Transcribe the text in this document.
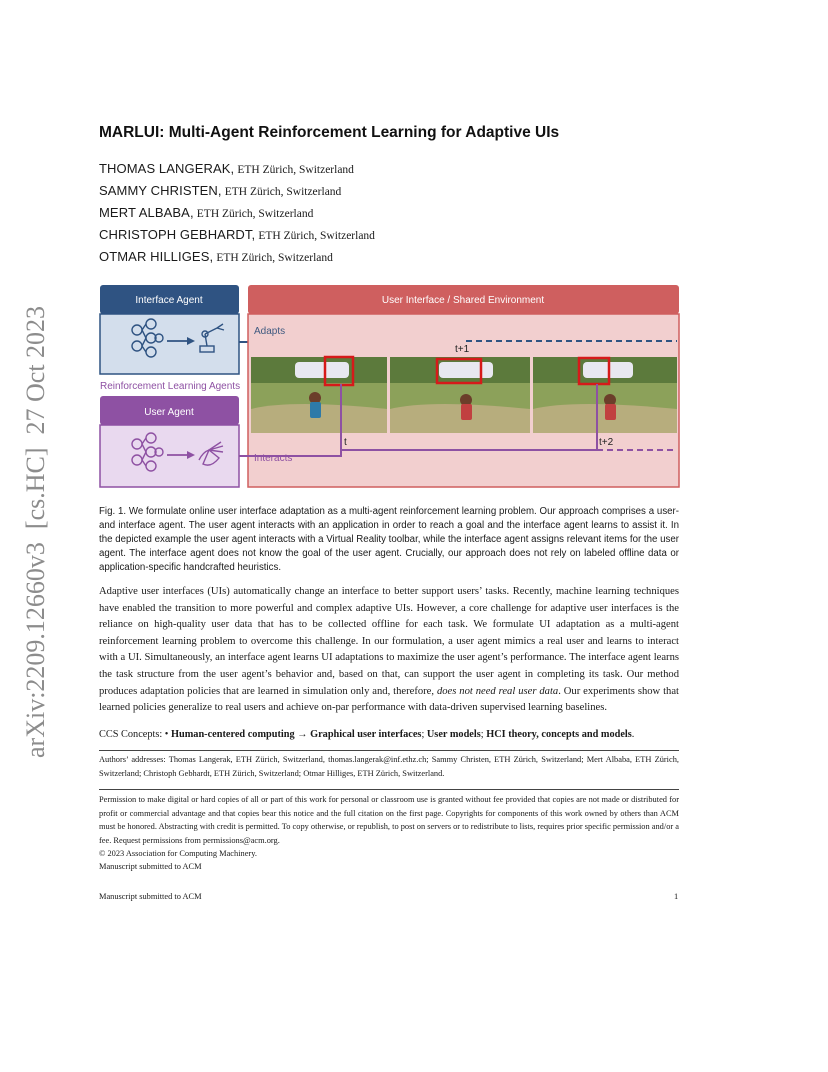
arXiv:2209.12660v3  [cs.HC]  27 Oct 2023
MARLUI: Multi-Agent Reinforcement Learning for Adaptive UIs
THOMAS LANGERAK, ETH Zürich, Switzerland
SAMMY CHRISTEN, ETH Zürich, Switzerland
MERT ALBABA, ETH Zürich, Switzerland
CHRISTOPH GEBHARDT, ETH Zürich, Switzerland
OTMAR HILLIGES, ETH Zürich, Switzerland
Interface Agent
Reinforcement Learning Agents
User Agent
User Interface / Shared Environment
Adapts
t+1
t	t+2
Interacts
Fig. 1. We formulate online user interface adaptation as a multi-agent reinforcement learning problem. Our approach comprises a user- and interface agent. The user agent interacts with an application in order to reach a goal and the interface agent learns to assist it. In the depicted example the user agent interacts with a Virtual Reality toolbar, while the interface agent assigns relevant items for the user agent. The interface agent does not know the goal of the user agent. Crucially, our approach does not rely on labeled offline data or application-specific handcrafted heuristics.
Adaptive user interfaces (UIs) automatically change an interface to better support users’ tasks. Recently, machine learning techniques have enabled the transition to more powerful and complex adaptive UIs. However, a core challenge for adaptive user interfaces is the reliance on high-quality user data that has to be collected offline for each task. We formulate UI adaptation as a multi-agent reinforcement learning problem to overcome this challenge. In our formulation, a user agent mimics a real user and learns to interact with a UI. Simultaneously, an interface agent learns UI adaptations to maximize the user agent’s performance. The interface agent learns the task structure from the user agent’s behavior and, based on that, can support the user agent in completing its task. Our method produces adaptation policies that are learned in simulation only and, therefore, does not need real user data. Our experiments show that learned policies generalize to real users and achieve on-par performance with data-driven supervised learning baselines.
CCS Concepts: • Human-centered computing → Graphical user interfaces; User models; HCI theory, concepts and models.
Authors’ addresses: Thomas Langerak, ETH Zürich, Switzerland, thomas.langerak@inf.ethz.ch; Sammy Christen, ETH Zürich, Switzerland; Mert Albaba, ETH Zürich, Switzerland; Christoph Gebhardt, ETH Zürich, Switzerland; Otmar Hilliges, ETH Zürich, Switzerland.
Permission to make digital or hard copies of all or part of this work for personal or classroom use is granted without fee provided that copies are not made or distributed for profit or commercial advantage and that copies bear this notice and the full citation on the first page. Copyrights for components of this work owned by others than ACM must be honored. Abstracting with credit is permitted. To copy otherwise, or republish, to post on servers or to redistribute to lists, requires prior specific permission and/or a fee. Request permissions from permissions@acm.org.
© 2023 Association for Computing Machinery.
Manuscript submitted to ACM
Manuscript submitted to ACM	1
